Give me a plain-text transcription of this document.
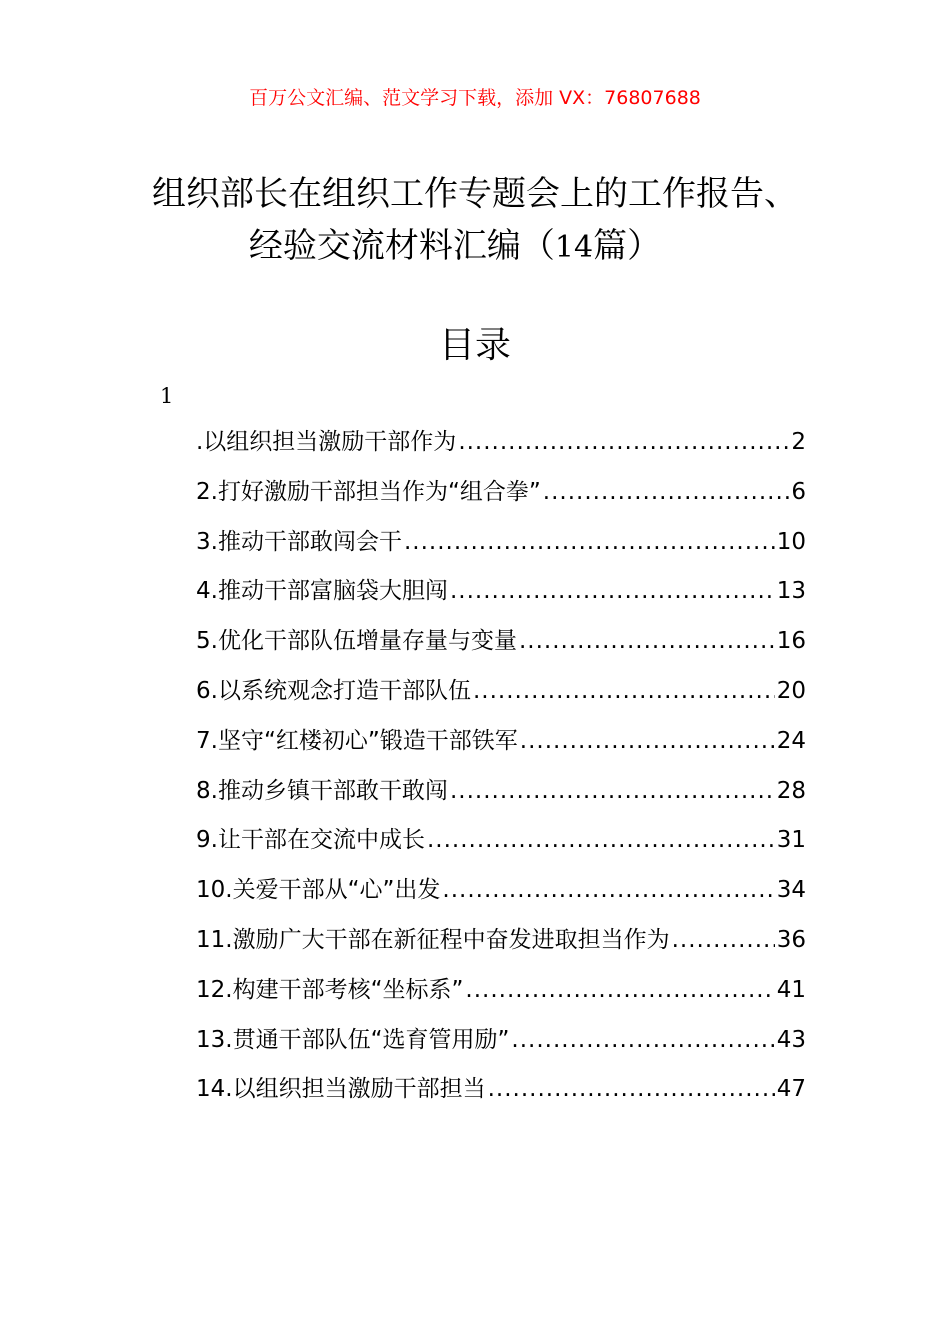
百万公文汇编、范文学习下载，添加 VX：76807688
组织部长在组织工作专题会上的工作报告、
经验交流材料汇编（14篇）
目录
1
.以组织担当激励干部作为 .....	2
2.打好激励干部担当作为“组合拳” .....	6
3.推动干部敢闯会干 .....	10
4.推动干部富脑袋大胆闯 .....	13
5.优化干部队伍增量存量与变量 .....	16
6.以系统观念打造干部队伍 .....	20
7.坚守“红楼初心”锻造干部铁军 .....	24
8.推动乡镇干部敢干敢闯 .....	28
9.让干部在交流中成长 .....	31
10.关爱干部从“心”出发 .....	34
11.激励广大干部在新征程中奋发进取担当作为 .....	36
12.构建干部考核“坐标系” .....	41
13.贯通干部队伍“选育管用励” .....	43
14.以组织担当激励干部担当 .....	47
